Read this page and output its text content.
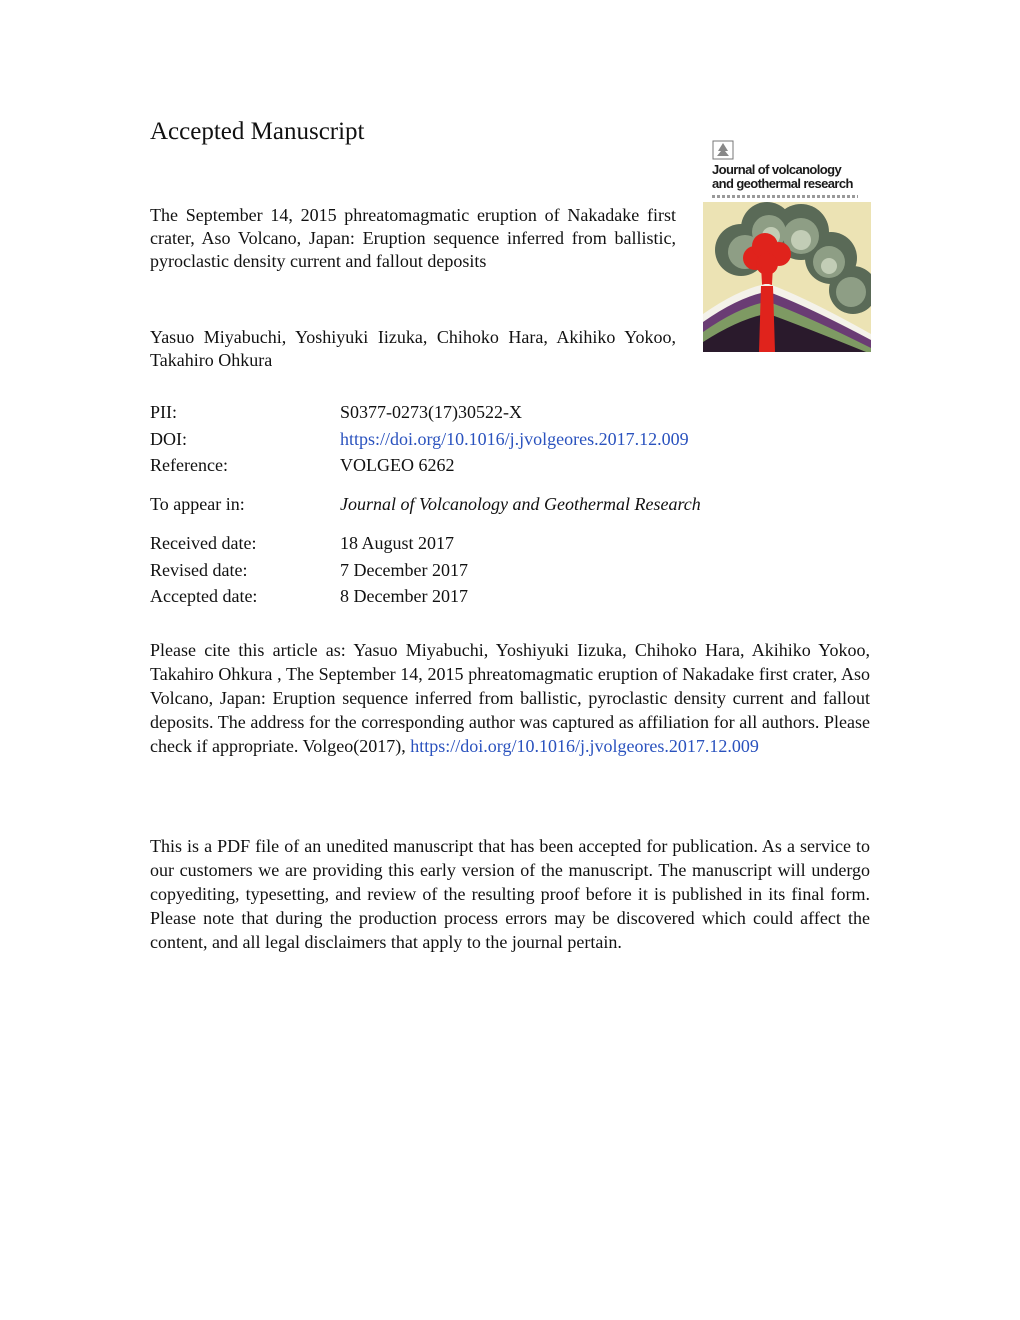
Accepted Manuscript
The September 14, 2015 phreatomagmatic eruption of Nakadake first crater, Aso Volcano, Japan: Eruption sequence inferred from ballistic, pyroclastic density current and fallout deposits
Yasuo Miyabuchi, Yoshiyuki Iizuka, Chihoko Hara, Akihiko Yokoo, Takahiro Ohkura
Journal of volcanology
and geothermal research
PII:	S0377-0273(17)30522-X
DOI:	https://doi.org/10.1016/j.jvolgeores.2017.12.009
Reference:	VOLGEO 6262
To appear in:	Journal of Volcanology and Geothermal Research
Received date:	18 August 2017
Revised date:	7 December 2017
Accepted date:	8 December 2017
Please cite this article as: Yasuo Miyabuchi, Yoshiyuki Iizuka, Chihoko Hara, Akihiko Yokoo, Takahiro Ohkura , The September 14, 2015 phreatomagmatic eruption of Nakadake first crater, Aso Volcano, Japan: Eruption sequence inferred from ballistic, pyroclastic density current and fallout deposits. The address for the corresponding author was captured as affiliation for all authors. Please check if appropriate. Volgeo(2017), https://doi.org/10.1016/j.jvolgeores.2017.12.009
This is a PDF file of an unedited manuscript that has been accepted for publication. As a service to our customers we are providing this early version of the manuscript. The manuscript will undergo copyediting, typesetting, and review of the resulting proof before it is published in its final form. Please note that during the production process errors may be discovered which could affect the content, and all legal disclaimers that apply to the journal pertain.
